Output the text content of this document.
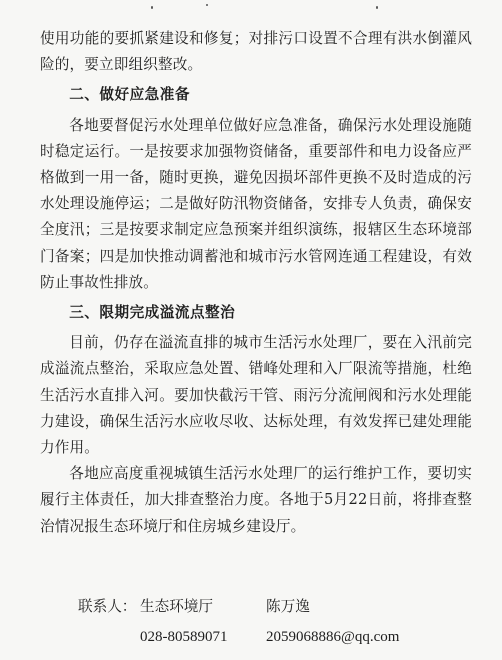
使用功能的要抓紧建设和修复；对排污口设置不合理有洪水倒灌风险的，要立即组织整改。

二、做好应急准备

各地要督促污水处理单位做好应急准备，确保污水处理设施随时稳定运行。一是按要求加强物资储备，重要部件和电力设备应严格做到一用一备，随时更换，避免因损坏部件更换不及时造成的污水处理设施停运；二是做好防汛物资储备，安排专人负责，确保安全度汛；三是按要求制定应急预案并组织演练，报辖区生态环境部门备案；四是加快推动调蓄池和城市污水管网连通工程建设，有效防止事故性排放。

三、限期完成溢流点整治

目前，仍存在溢流直排的城市生活污水处理厂，要在入汛前完成溢流点整治，采取应急处置、错峰处理和入厂限流等措施，杜绝生活污水直排入河。要加快截污干管、雨污分流闸阀和污水处理能力建设，确保生活污水应收尽收、达标处理，有效发挥已建处理能力作用。

各地应高度重视城镇生活污水处理厂的运行维护工作，要切实履行主体责任，加大排查整治力度。各地于5月22日前，将排查整治情况报生态环境厅和住房城乡建设厅。

联系人： 生态环境厅	陈万逸
028-80589071	2059068886@qq.com
